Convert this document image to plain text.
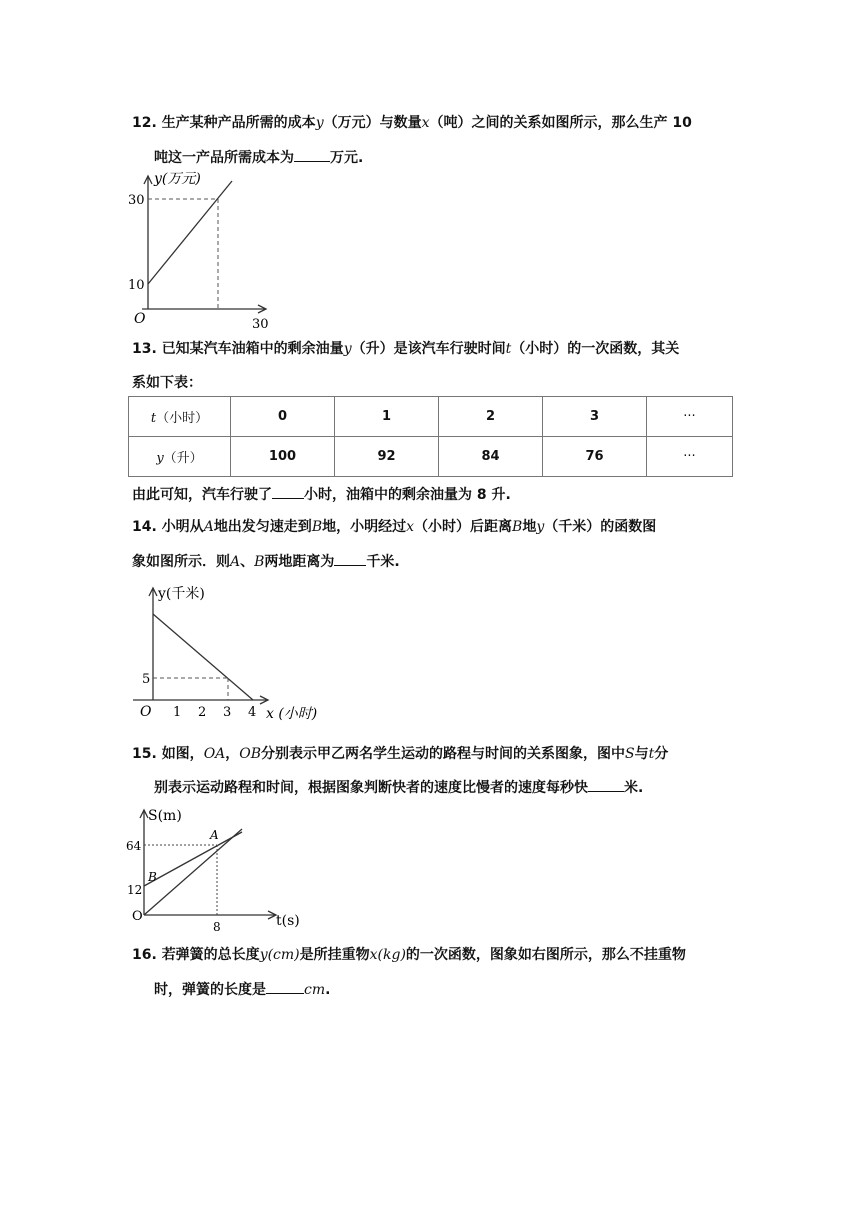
12. 生产某种产品所需的成本y（万元）与数量x（吨）之间的关系如图所示，那么生产 10
吨这一产品所需成本为	万元.
y(万元)
30
10
O	30
13. 已知某汽车油箱中的剩余油量y（升）是该汽车行驶时间t（小时）的一次函数，其关
系如下表：
t（小时）	0	1	2	3	···
y（升）	100	92	84	76	···
由此可知，汽车行驶了 小时，油箱中的剩余油量为 8 升.
14. 小明从A地出发匀速走到B地，小明经过x（小时）后距离B地y（千米）的函数图
象如图所示．则A、B两地距离为 千米.
y(千米)
5
O 1 2 3 4 x (小时)
15. 如图，OA，OB分别表示甲乙两名学生运动的路程与时间的关系图象，图中S与t分
别表示运动路程和时间，根据图象判断快者的速度比慢者的速度每秒快	米.
S(m)
64
12
O
8	t(s)
A
B
16. 若弹簧的总长度y(cm)是所挂重物x(kg)的一次函数，图象如右图所示，那么不挂重物
时，弹簧的长度是	cm.
